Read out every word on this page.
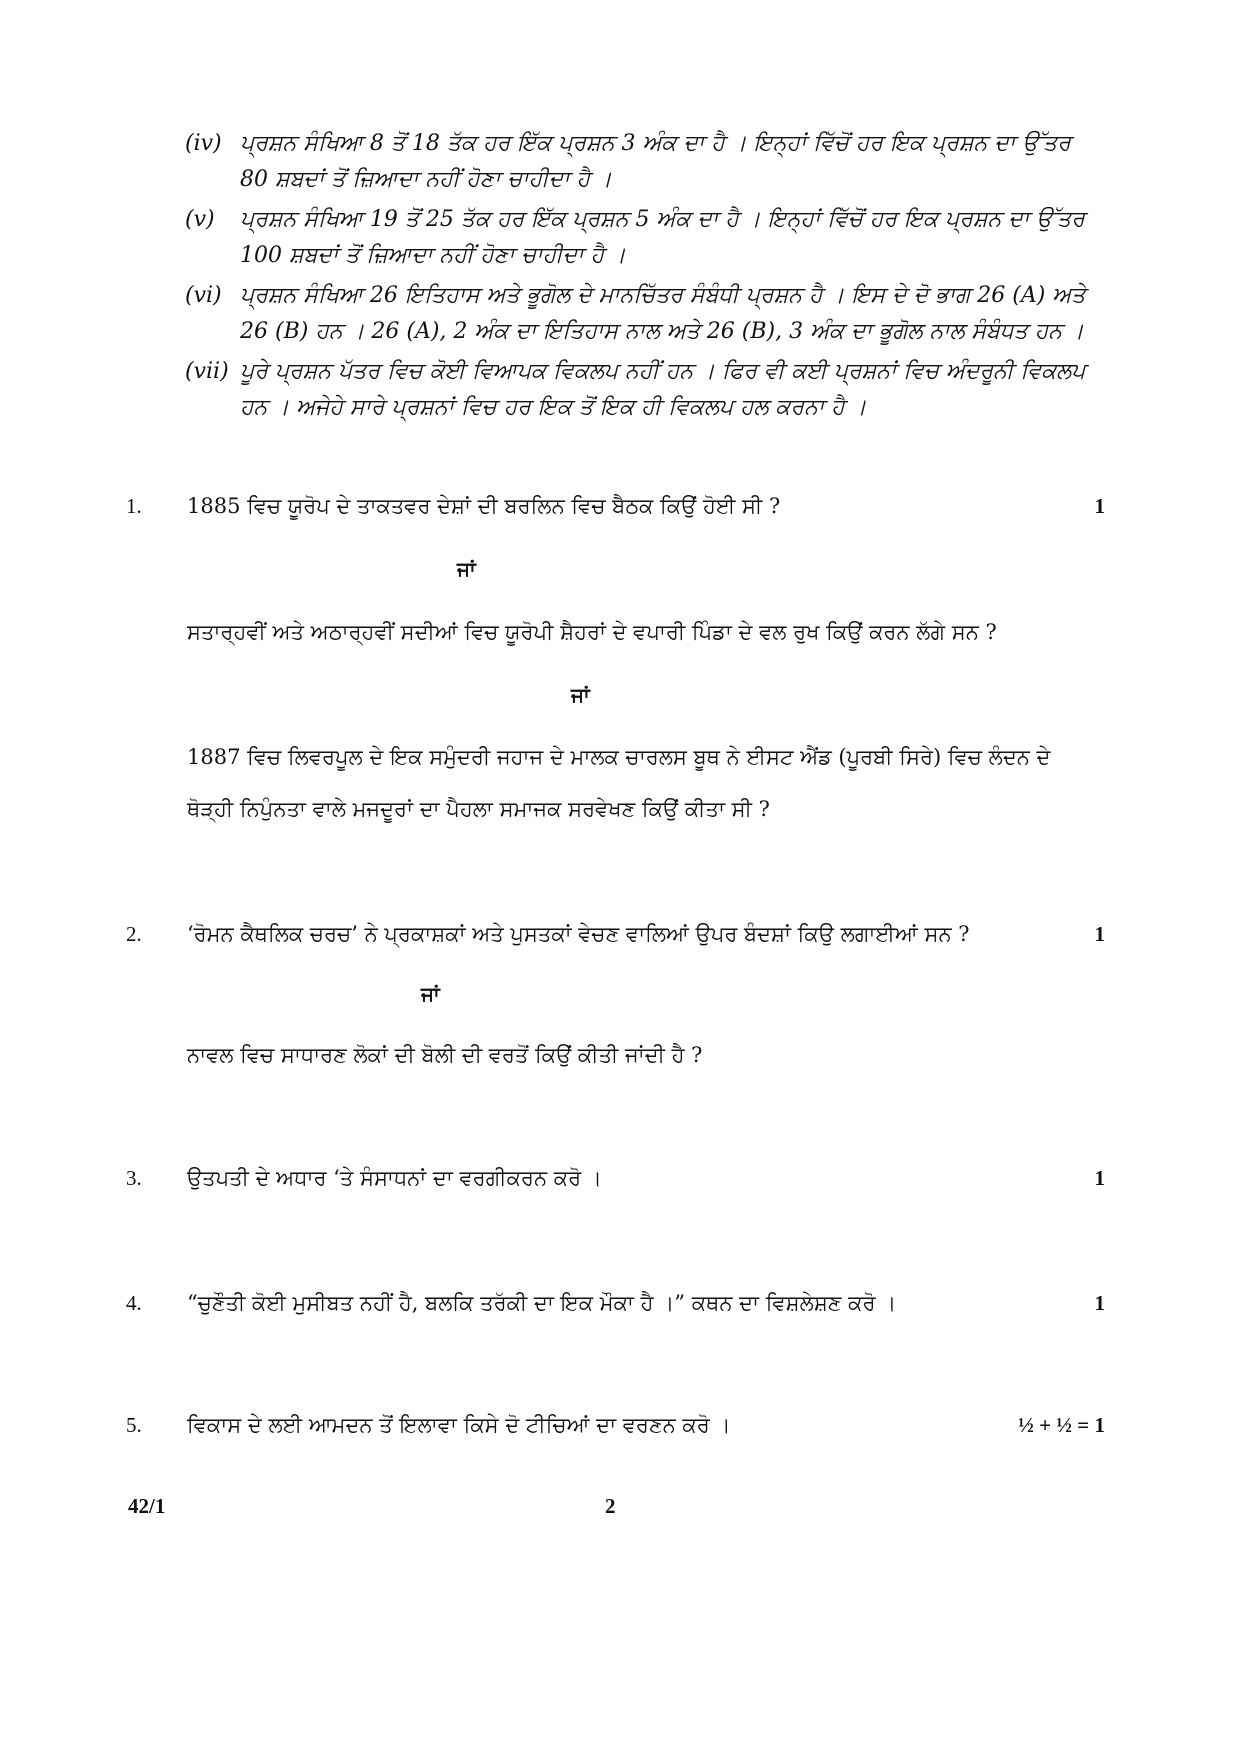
(iv) ਪ੍ਰਸ਼ਨ ਸੰਖਿਆ 8 ਤੋਂ 18 ਤੱਕ ਹਰ ਇੱਕ ਪ੍ਰਸ਼ਨ 3 ਅੰਕ ਦਾ ਹੈ । ਇਨ੍ਹਾਂ ਵਿੱਚੋਂ ਹਰ ਇਕ ਪ੍ਰਸ਼ਨ ਦਾ ਉੱਤਰ 80 ਸ਼ਬਦਾਂ ਤੋਂ ਜ਼ਿਆਦਾ ਨਹੀਂ ਹੋਣਾ ਚਾਹੀਦਾ ਹੈ ।
(v)	ਪ੍ਰਸ਼ਨ ਸੰਖਿਆ 19 ਤੋਂ 25 ਤੱਕ ਹਰ ਇੱਕ ਪ੍ਰਸ਼ਨ 5 ਅੰਕ ਦਾ ਹੈ । ਇਨ੍ਹਾਂ ਵਿੱਚੋਂ ਹਰ ਇਕ ਪ੍ਰਸ਼ਨ ਦਾ ਉੱਤਰ 100 ਸ਼ਬਦਾਂ ਤੋਂ ਜ਼ਿਆਦਾ ਨਹੀਂ ਹੋਣਾ ਚਾਹੀਦਾ ਹੈ ।
(vi) ਪ੍ਰਸ਼ਨ ਸੰਖਿਆ 26 ਇਤਿਹਾਸ ਅਤੇ ਭੂਗੋਲ ਦੇ ਮਾਨਚਿੱਤਰ ਸੰਬੰਧੀ ਪ੍ਰਸ਼ਨ ਹੈ । ਇਸ ਦੇ ਦੋ ਭਾਗ 26 (A) ਅਤੇ 26 (B) ਹਨ । 26 (A), 2 ਅੰਕ ਦਾ ਇਤਿਹਾਸ ਨਾਲ ਅਤੇ 26 (B), 3 ਅੰਕ ਦਾ ਭੂਗੋਲ ਨਾਲ ਸੰਬੰਧਤ ਹਨ ।
(vii) ਪੂਰੇ ਪ੍ਰਸ਼ਨ ਪੱਤਰ ਵਿਚ ਕੋਈ ਵਿਆਪਕ ਵਿਕਲਪ ਨਹੀਂ ਹਨ । ਫਿਰ ਵੀ ਕਈ ਪ੍ਰਸ਼ਨਾਂ ਵਿਚ ਅੰਦਰੂਨੀ ਵਿਕਲਪ ਹਨ । ਅਜੇਹੇ ਸਾਰੇ ਪ੍ਰਸ਼ਨਾਂ ਵਿਚ ਹਰ ਇਕ ਤੋਂ ਇਕ ਹੀ ਵਿਕਲਪ ਹਲ ਕਰਨਾ ਹੈ ।
1. 1885 ਵਿਚ ਯੂਰੋਪ ਦੇ ਤਾਕਤਵਰ ਦੇਸ਼ਾਂ ਦੀ ਬਰਲਿਨ ਵਿਚ ਬੈਠਕ ਕਿਉਂ ਹੋਈ ਸੀ ?	1
ਜਾਂ
ਸਤਾਰ੍ਹਵੀਂ ਅਤੇ ਅਠਾਰ੍ਹਵੀਂ ਸਦੀਆਂ ਵਿਚ ਯੂਰੋਪੀ ਸ਼ੈਹਰਾਂ ਦੇ ਵਪਾਰੀ ਪਿੰਡਾ ਦੇ ਵਲ ਰੁਖ ਕਿਉਂ ਕਰਨ ਲੱਗੇ ਸਨ ?
ਜਾਂ
1887 ਵਿਚ ਲਿਵਰਪੂਲ ਦੇ ਇਕ ਸਮੁੰਦਰੀ ਜਹਾਜ ਦੇ ਮਾਲਕ ਚਾਰਲਸ ਬੂਥ ਨੇ ਈਸਟ ਐਂਡ (ਪੂਰਬੀ ਸਿਰੇ) ਵਿਚ ਲੰਦਨ ਦੇ
ਥੋੜ੍ਹੀ ਨਿਪੁੰਨਤਾ ਵਾਲੇ ਮਜਦੂਰਾਂ ਦਾ ਪੈਹਲਾ ਸਮਾਜਕ ਸਰਵੇਖਣ ਕਿਉਂ ਕੀਤਾ ਸੀ ?
2. ‘ਰੋਮਨ ਕੈਥਲਿਕ ਚਰਚ’ ਨੇ ਪ੍ਰਕਾਸ਼ਕਾਂ ਅਤੇ ਪੁਸਤਕਾਂ ਵੇਚਣ ਵਾਲਿਆਂ ਉਪਰ ਬੰਦਸ਼ਾਂ ਕਿਉ ਲਗਾਈਆਂ ਸਨ ?	1
ਜਾਂ
ਨਾਵਲ ਵਿਚ ਸਾਧਾਰਣ ਲੋਕਾਂ ਦੀ ਬੋਲੀ ਦੀ ਵਰਤੋਂ ਕਿਉਂ ਕੀਤੀ ਜਾਂਦੀ ਹੈ ?
3. ਉਤਪਤੀ ਦੇ ਅਧਾਰ ‘ਤੇ ਸੰਸਾਧਨਾਂ ਦਾ ਵਰਗੀਕਰਨ ਕਰੋ ।	1
4. “ਚੁਣੌਤੀ ਕੋਈ ਮੁਸੀਬਤ ਨਹੀਂ ਹੈ, ਬਲਕਿ ਤਰੱਕੀ ਦਾ ਇਕ ਮੌਕਾ ਹੈ ।” ਕਥਨ ਦਾ ਵਿਸ਼ਲੇਸ਼ਣ ਕਰੋ ।	1
5. ਵਿਕਾਸ ਦੇ ਲਈ ਆਮਦਨ ਤੋਂ ਇਲਾਵਾ ਕਿਸੇ ਦੋ ਟੀਚਿਆਂ ਦਾ ਵਰਣਨ ਕਰੋ ।	½ + ½ = 1
42/1	2
